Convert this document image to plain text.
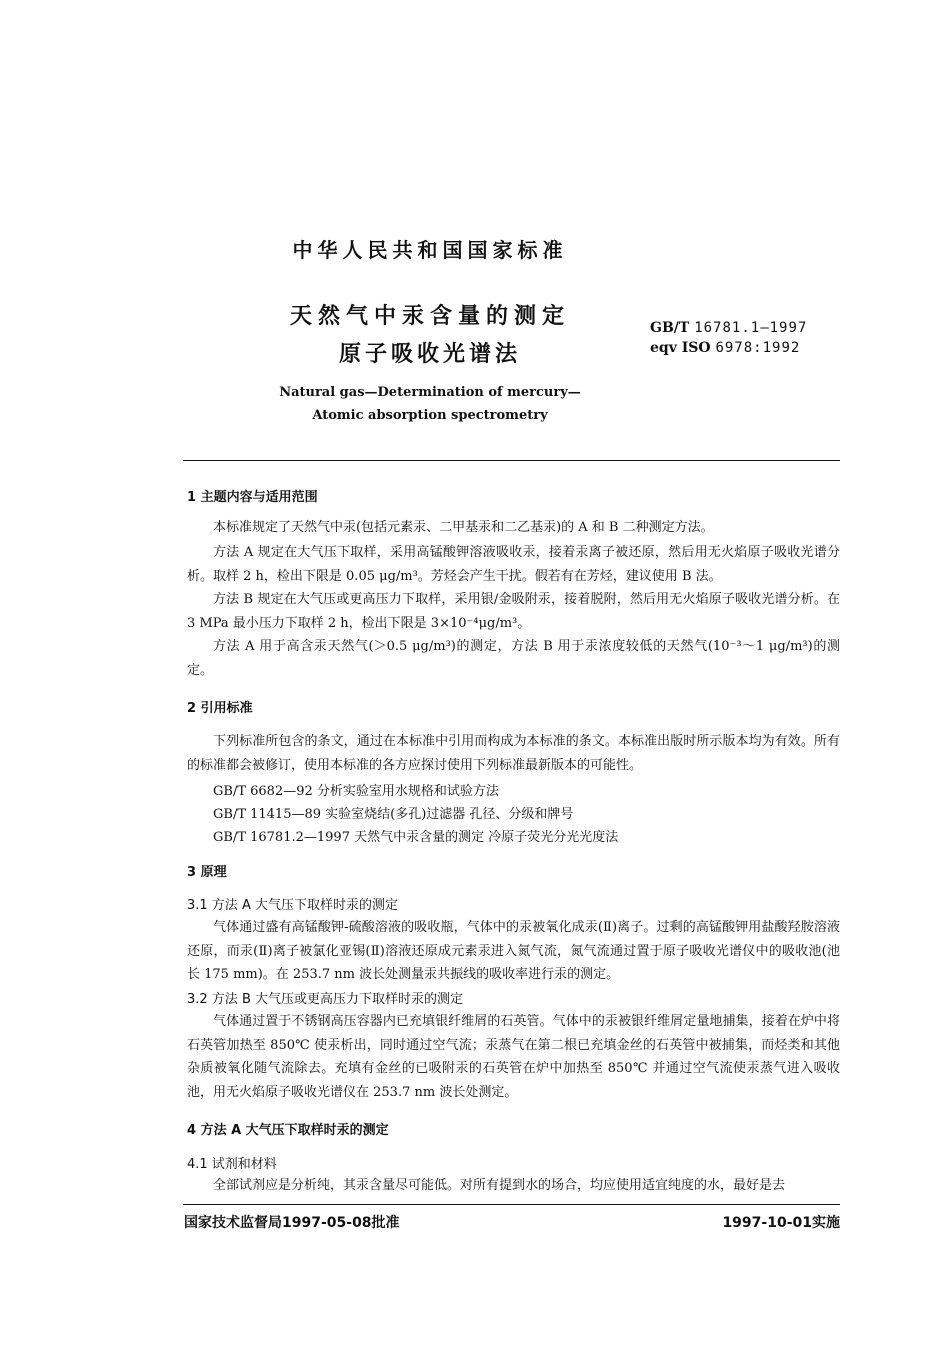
中华人民共和国国家标准
天然气中汞含量的测定
原子吸收光谱法
GB/T 16781.1—1997
eqv ISO 6978:1992
Natural gas—Determination of mercury—
Atomic absorption spectrometry
1 主题内容与适用范围
本标准规定了天然气中汞(包括元素汞、二甲基汞和二乙基汞)的 A 和 B 二种测定方法。
方法 A 规定在大气压下取样，采用高锰酸钾溶液吸收汞，接着汞离子被还原，然后用无火焰原子吸收光谱分析。取样 2 h，检出下限是 0.05 μg/m³。芳烃会产生干扰。假若有在芳烃，建议使用 B 法。
方法 B 规定在大气压或更高压力下取样，采用银/金吸附汞，接着脱附，然后用无火焰原子吸收光谱分析。在 3 MPa 最小压力下取样 2 h，检出下限是 3×10⁻⁴μg/m³。
方法 A 用于高含汞天然气(＞0.5 μg/m³)的测定，方法 B 用于汞浓度较低的天然气(10⁻³～1 μg/m³)的测定。
2 引用标准
下列标准所包含的条文，通过在本标准中引用而构成为本标准的条文。本标准出版时所示版本均为有效。所有的标准都会被修订，使用本标准的各方应探讨使用下列标准最新版本的可能性。
GB/T 6682—92 分析实验室用水规格和试验方法
GB/T 11415—89 实验室烧结(多孔)过滤器 孔径、分级和牌号
GB/T 16781.2—1997 天然气中汞含量的测定 冷原子荧光分光光度法
3 原理
3.1 方法 A 大气压下取样时汞的测定
气体通过盛有高锰酸钾-硫酸溶液的吸收瓶，气体中的汞被氧化成汞(Ⅱ)离子。过剩的高锰酸钾用盐酸羟胺溶液还原，而汞(Ⅱ)离子被氯化亚锡(Ⅱ)溶液还原成元素汞进入氮气流，氮气流通过置于原子吸收光谱仪中的吸收池(池长 175 mm)。在 253.7 nm 波长处测量汞共振线的吸收率进行汞的测定。
3.2 方法 B 大气压或更高压力下取样时汞的测定
气体通过置于不锈钢高压容器内已充填银纤维屑的石英管。气体中的汞被银纤维屑定量地捕集，接着在炉中将石英管加热至 850℃ 使汞析出，同时通过空气流；汞蒸气在第二根已充填金丝的石英管中被捕集，而烃类和其他杂质被氧化随气流除去。充填有金丝的已吸附汞的石英管在炉中加热至 850℃ 并通过空气流使汞蒸气进入吸收池，用无火焰原子吸收光谱仪在 253.7 nm 波长处测定。
4 方法 A 大气压下取样时汞的测定
4.1 试剂和材料
全部试剂应是分析纯，其汞含量尽可能低。对所有提到水的场合，均应使用适宜纯度的水，最好是去
国家技术监督局1997-05-08批准	1997-10-01实施
